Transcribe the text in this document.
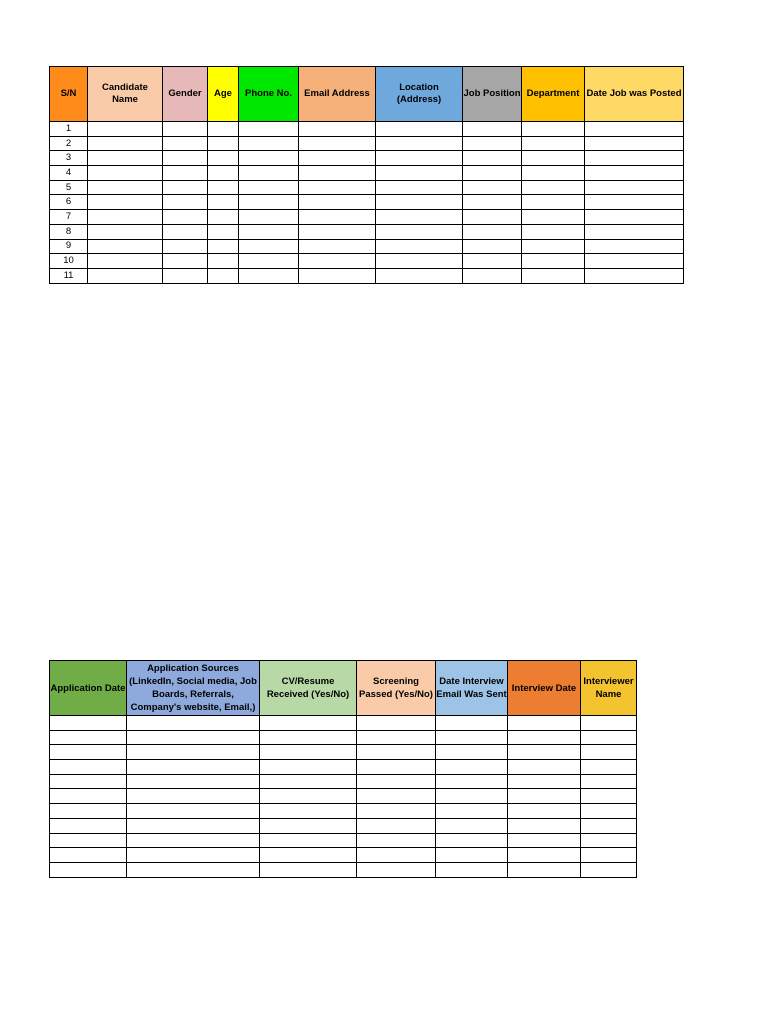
S/N	Candidate Name	Gender	Age	Phone No.	Email Address	Location (Address)	Job Position	Department	Date Job was Posted
1									
2									
3									
4									
5									
6									
7									
8									
9									
10									
11									
Application Date	Application Sources (LinkedIn, Social media, Job Boards, Referrals, Company's website, Email,)	CV/Resume Received (Yes/No)	Screening Passed (Yes/No)	Date Interview Email Was Sent	Interview Date	Interviewer Name
